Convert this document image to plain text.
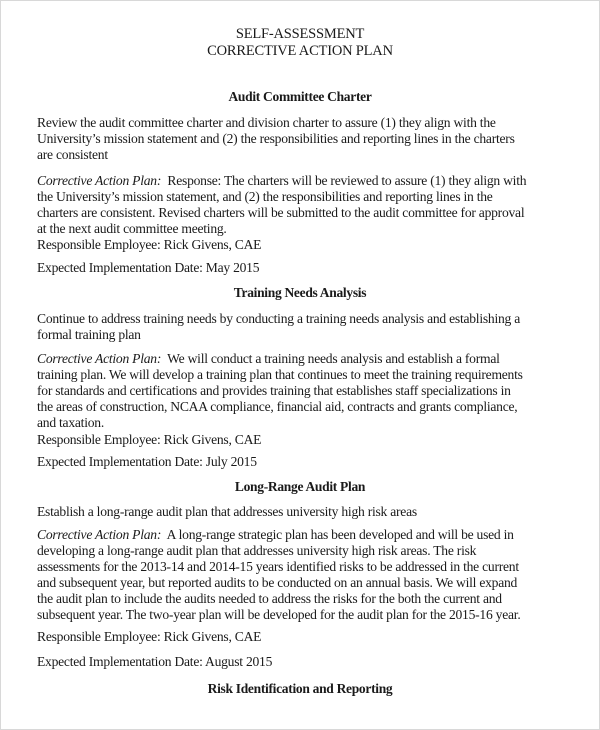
SELF-ASSESSMENT
CORRECTIVE ACTION PLAN
Audit Committee Charter
Review the audit committee charter and division charter to assure (1) they align with the
University’s mission statement and (2) the responsibilities and reporting lines in the charters
are consistent
Corrective Action Plan:  Response: The charters will be reviewed to assure (1) they align with
the University’s mission statement, and (2) the responsibilities and reporting lines in the
charters are consistent. Revised charters will be submitted to the audit committee for approval
at the next audit committee meeting.
Responsible Employee: Rick Givens, CAE
Expected Implementation Date: May 2015
Training Needs Analysis
Continue to address training needs by conducting a training needs analysis and establishing a
formal training plan
Corrective Action Plan:  We will conduct a training needs analysis and establish a formal
training plan. We will develop a training plan that continues to meet the training requirements
for standards and certifications and provides training that establishes staff specializations in
the areas of construction, NCAA compliance, financial aid, contracts and grants compliance,
and taxation.
Responsible Employee: Rick Givens, CAE
Expected Implementation Date: July 2015
Long-Range Audit Plan
Establish a long-range audit plan that addresses university high risk areas
Corrective Action Plan:  A long-range strategic plan has been developed and will be used in
developing a long-range audit plan that addresses university high risk areas. The risk
assessments for the 2013-14 and 2014-15 years identified risks to be addressed in the current
and subsequent year, but reported audits to be conducted on an annual basis. We will expand
the audit plan to include the audits needed to address the risks for the both the current and
subsequent year. The two-year plan will be developed for the audit plan for the 2015-16 year.
Responsible Employee: Rick Givens, CAE
Expected Implementation Date: August 2015
Risk Identification and Reporting
